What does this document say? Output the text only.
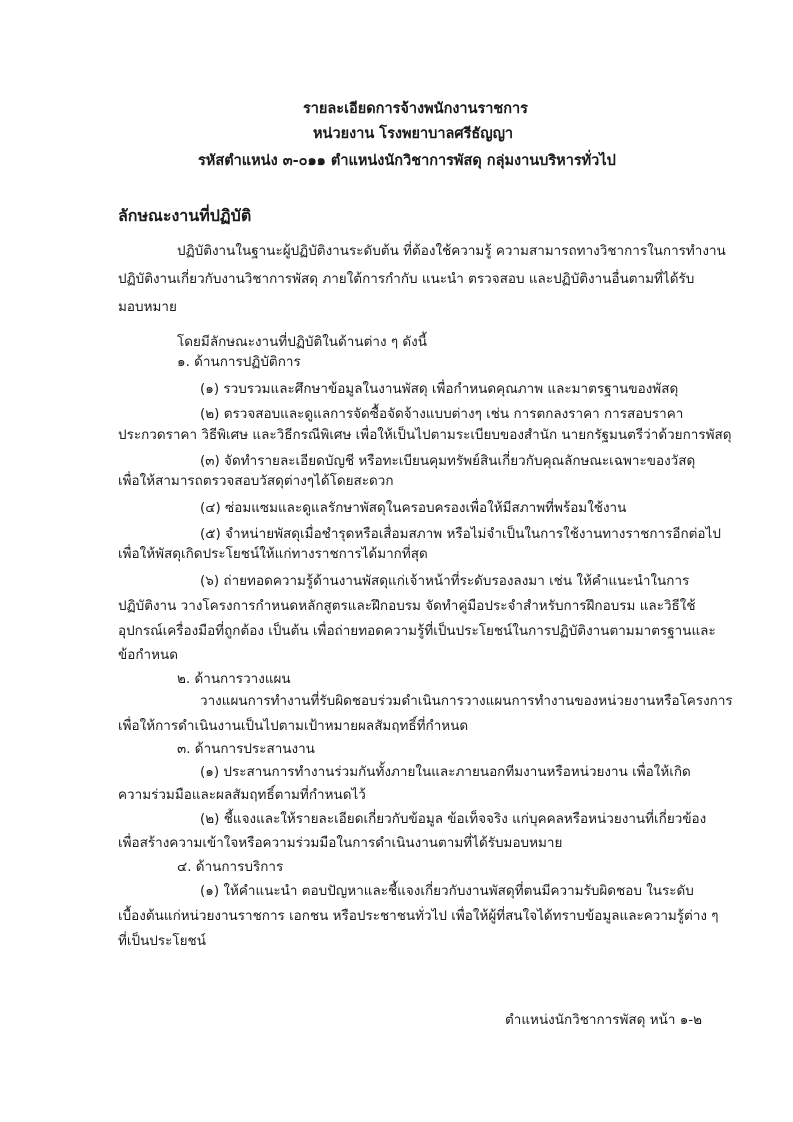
รายละเอียดการจ้างพนักงานราชการ
หน่วยงาน โรงพยาบาลศรีธัญญา
รหัสตำแหน่ง ๓-๐๑๑ ตำแหน่งนักวิชาการพัสดุ กลุ่มงานบริหารทั่วไป
ลักษณะงานที่ปฏิบัติ
ปฏิบัติงานในฐานะผู้ปฏิบัติงานระดับต้น ที่ต้องใช้ความรู้ ความสามารถทางวิชาการในการทำงาน
ปฏิบัติงานเกี่ยวกับงานวิชาการพัสดุ ภายใต้การกำกับ แนะนำ ตรวจสอบ และปฏิบัติงานอื่นตามที่ได้รับ
มอบหมาย
โดยมีลักษณะงานที่ปฏิบัติในด้านต่าง ๆ ดังนี้
๑. ด้านการปฏิบัติการ
(๑) รวบรวมและศึกษาข้อมูลในงานพัสดุ เพื่อกำหนดคุณภาพ และมาตรฐานของพัสดุ
(๒) ตรวจสอบและดูแลการจัดซื้อจัดจ้างแบบต่างๆ เช่น การตกลงราคา การสอบราคา
ประกวดราคา วิธีพิเศษ และวิธีกรณีพิเศษ เพื่อให้เป็นไปตามระเบียบของสำนัก นายกรัฐมนตรีว่าด้วยการพัสดุ
(๓) จัดทำรายละเอียดบัญชี หรือทะเบียนคุมทรัพย์สินเกี่ยวกับคุณลักษณะเฉพาะของวัสดุ
เพื่อให้สามารถตรวจสอบวัสดุต่างๆได้โดยสะดวก
(๔) ซ่อมแซมและดูแลรักษาพัสดุในครอบครองเพื่อให้มีสภาพที่พร้อมใช้งาน
(๕) จำหน่ายพัสดุเมื่อชำรุดหรือเสื่อมสภาพ หรือไม่จำเป็นในการใช้งานทางราชการอีกต่อไป
เพื่อให้พัสดุเกิดประโยชน์ให้แก่ทางราชการได้มากที่สุด
(๖) ถ่ายทอดความรู้ด้านงานพัสดุแก่เจ้าหน้าที่ระดับรองลงมา เช่น ให้คำแนะนำในการ
ปฏิบัติงาน วางโครงการกำหนดหลักสูตรและฝึกอบรม จัดทำคู่มือประจำสำหรับการฝึกอบรม และวิธีใช้
อุปกรณ์เครื่องมือที่ถูกต้อง เป็นต้น เพื่อถ่ายทอดความรู้ที่เป็นประโยชน์ในการปฏิบัติงานตามมาตรฐานและ
ข้อกำหนด
๒. ด้านการวางแผน
วางแผนการทำงานที่รับผิดชอบร่วมดำเนินการวางแผนการทำงานของหน่วยงานหรือโครงการ
เพื่อให้การดำเนินงานเป็นไปตามเป้าหมายผลสัมฤทธิ์ที่กำหนด
๓. ด้านการประสานงาน
(๑) ประสานการทำงานร่วมกันทั้งภายในและภายนอกทีมงานหรือหน่วยงาน เพื่อให้เกิด
ความร่วมมือและผลสัมฤทธิ์ตามที่กำหนดไว้
(๒) ชี้แจงและให้รายละเอียดเกี่ยวกับข้อมูล ข้อเท็จจริง แก่บุคคลหรือหน่วยงานที่เกี่ยวข้อง
เพื่อสร้างความเข้าใจหรือความร่วมมือในการดำเนินงานตามที่ได้รับมอบหมาย
๔. ด้านการบริการ
(๑) ให้คำแนะนำ ตอบปัญหาและชี้แจงเกี่ยวกับงานพัสดุที่ตนมีความรับผิดชอบ ในระดับ
เบื้องต้นแก่หน่วยงานราชการ เอกชน หรือประชาชนทั่วไป เพื่อให้ผู้ที่สนใจได้ทราบข้อมูลและความรู้ต่าง ๆ
ที่เป็นประโยชน์
ตำแหน่งนักวิชาการพัสดุ หน้า ๑-๒
